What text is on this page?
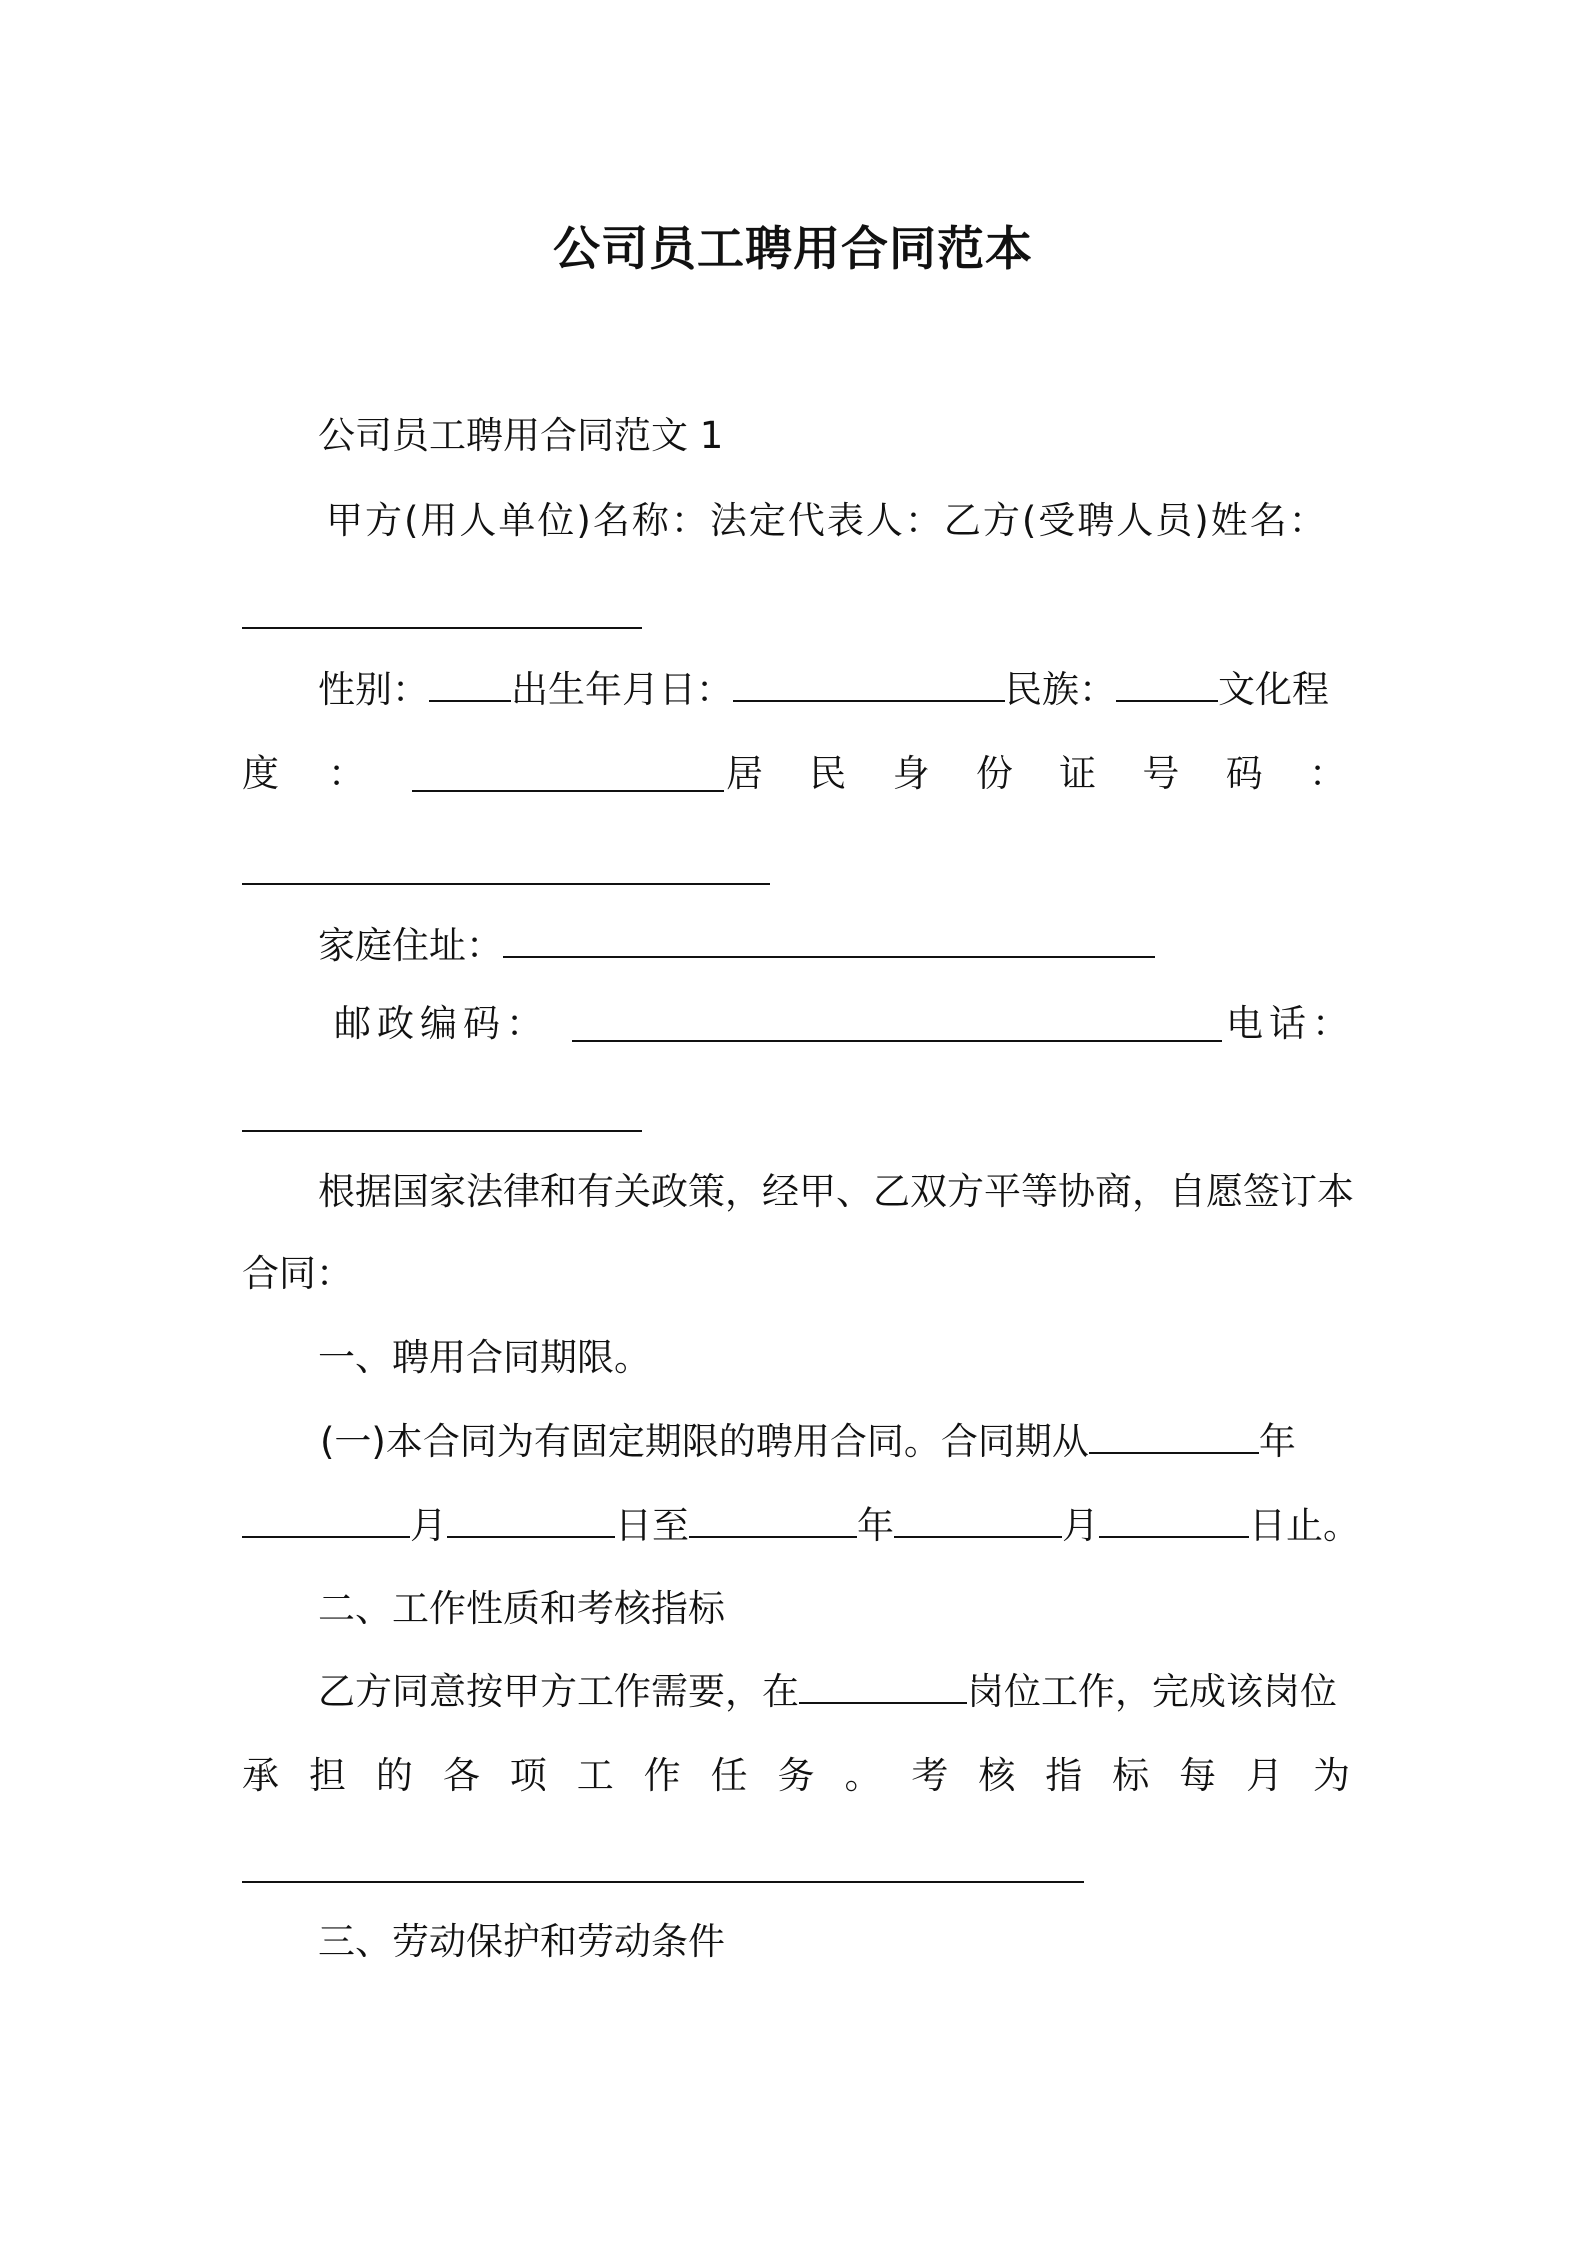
公司员工聘用合同范本
公司员工聘用合同范文 1
甲方(用人单位)名称：法定代表人：乙方(受聘人员)姓名：
性别： 出生年月日：	民族：	文化程
度 ：	居 民 身 份 证 号 码 ：
家庭住址：
邮政编码：	电话：
根据国家法律和有关政策，经甲、乙双方平等协商，自愿签订本
合同：
一、聘用合同期限。
(一)本合同为有固定期限的聘用合同。合同期从	年
月	日至	年	月	日止。
二、工作性质和考核指标
乙方同意按甲方工作需要，在	岗位工作，完成该岗位
承 担 的 各 项 工 作 任 务 。 考 核 指 标 每 月 为
三、劳动保护和劳动条件
